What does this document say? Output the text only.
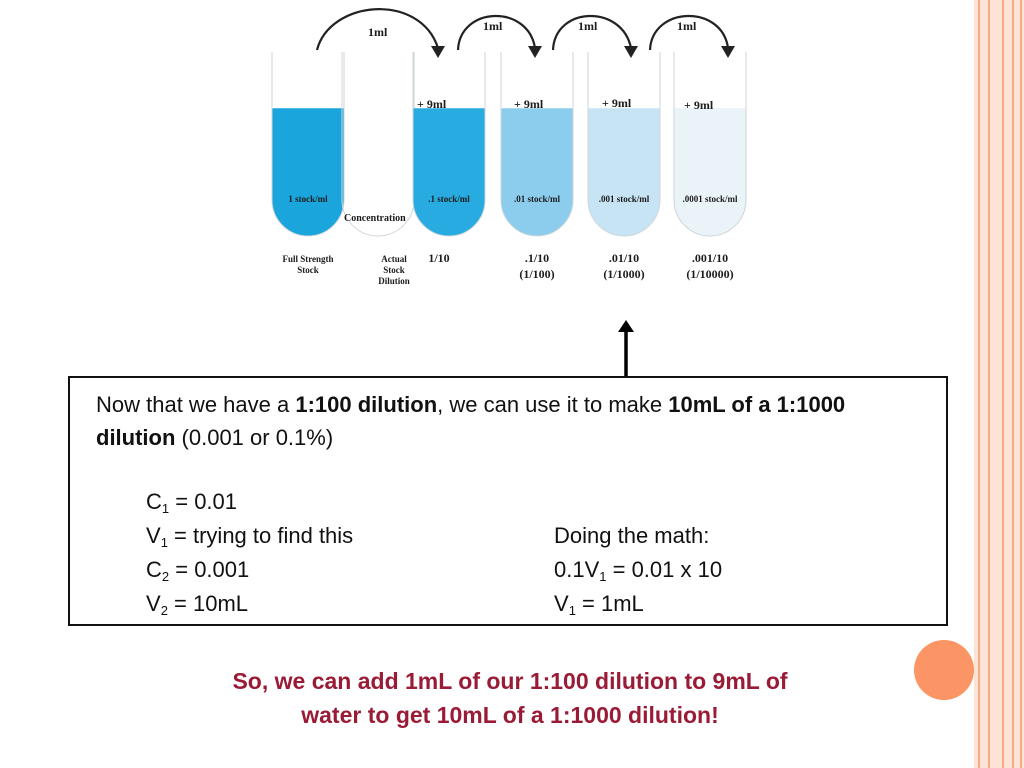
1ml	1ml	1ml	1ml
1 stock/ml
Full Strength Stock
Actual Stock Dilution
.1 stock/ml
1/10
.01 stock/ml
.1/10 (1/100)
.001 stock/ml
.01/10 (1/1000)
.0001 stock/ml
.001/10 (1/10000)
+ 9ml	+ 9ml	+ 9ml	+ 9ml
Concentration
Now that we have a 1:100 dilution, we can use it to make 10mL of a 1:1000 dilution (0.001 or 0.1%)
$C_1 = 0.01$
$V_1$ = trying to find this
$C_2 = 0.001$
$V_2 = 10mL$
Doing the math:
$0.1V_1 = 0.01$ x 10
$V_1 = 1mL$
So, we can add 1mL of our 1:100 dilution to 9mL of
water to get 10mL of a 1:1000 dilution!
